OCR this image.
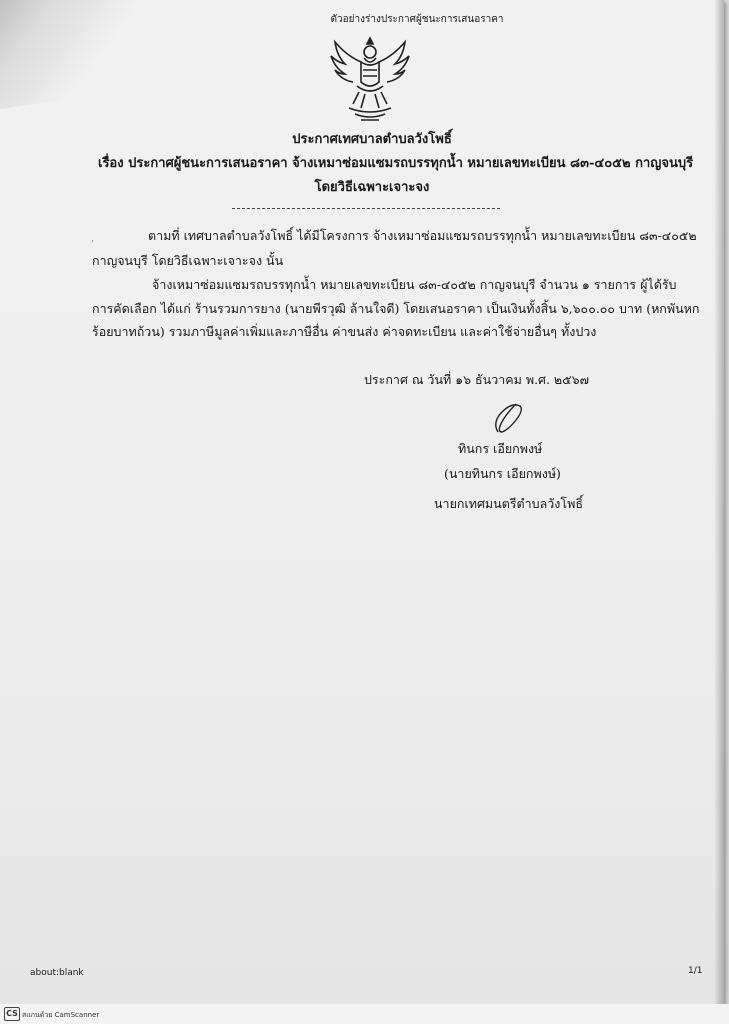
ตัวอย่างร่างประกาศผู้ชนะการเสนอราคา
ประกาศเทศบาลตำบลวังโพธิ์
เรื่อง ประกาศผู้ชนะการเสนอราคา จ้างเหมาซ่อมแซมรถบรรทุกน้ำ หมายเลขทะเบียน ๘๓-๔๐๕๒ กาญจนบุรี
โดยวิธีเฉพาะเจาะจง
,	ตามที่ เทศบาลตำบลวังโพธิ์ ได้มีโครงการ จ้างเหมาซ่อมแซมรถบรรทุกน้ำ หมายเลขทะเบียน ๘๓-๔๐๕๒
กาญจนบุรี โดยวิธีเฉพาะเจาะจง นั้น
จ้างเหมาซ่อมแซมรถบรรทุกน้ำ หมายเลขทะเบียน ๘๓-๔๐๕๒ กาญจนบุรี จำนวน ๑ รายการ ผู้ได้รับ
การคัดเลือก ได้แก่ ร้านรวมการยาง (นายพีรวุฒิ ล้านใจดี) โดยเสนอราคา เป็นเงินทั้งสิ้น ๖,๖๐๐.๐๐ บาท (หกพันหก
ร้อยบาทถ้วน) รวมภาษีมูลค่าเพิ่มและภาษีอื่น ค่าขนส่ง ค่าจดทะเบียน และค่าใช้จ่ายอื่นๆ ทั้งปวง
ประกาศ ณ วันที่ ๑๖ ธันวาคม พ.ศ. ๒๕๖๗
ทินกร เอียกพงษ์
(นายทินกร เอียกพงษ์)
นายกเทศมนตรีตำบลวังโพธิ์
about:blank	1/1
CS สแกนด้วย CamScanner
